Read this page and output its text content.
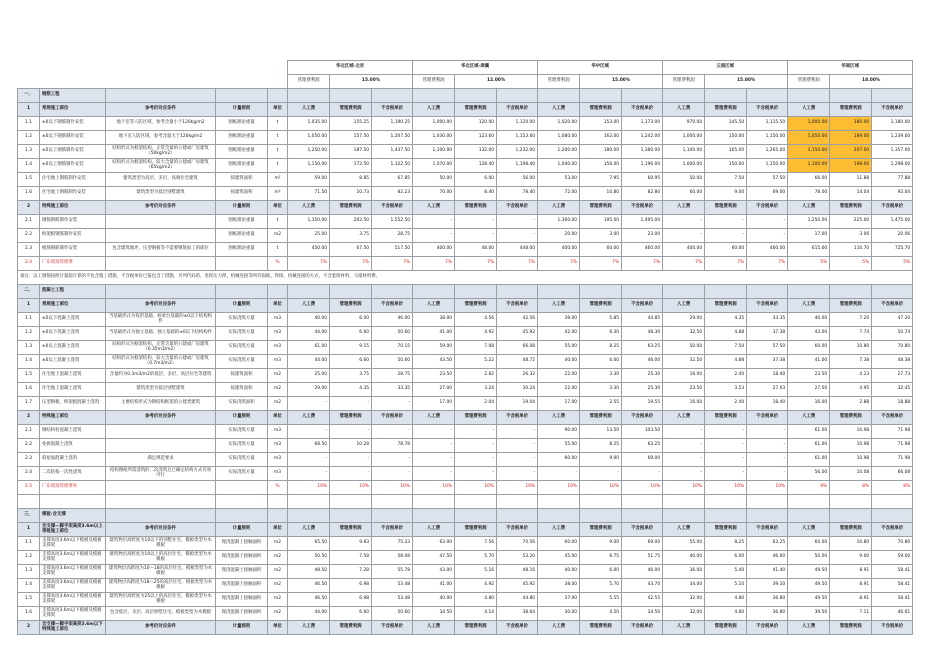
					华北区域-北京			华北区域-津冀			华中区域			云南区域			华南区域		
					管理费利润	15.00%		管理费利润	12.00%		管理费利润	15.00%		管理费利润	15.00%		管理费利润	18.00%	
一、	钢筋工程																		
1	常规施工部位	参考价对应条件	计量规则	单位	人工费	管理费利润	不含税单价	人工费	管理费利润	不含税单价	人工费	管理费利润	不含税单价	人工费	管理费利润	不含税单价	人工费	管理费利润	不含税单价
1.1	±0以下钢筋制作安装	地下室等人防区域，参考含量小于120kg/m2	图纸理论重量	t	1,035.00	155.25	1,190.25	1,000.00	120.00	1,120.00	1,020.00	153.00	1,173.00	970.00	145.50	1,115.50	1,000.00	180.00	1,180.00
1.2	±0以下钢筋制作安装	地下室人防区域，参考含量大于120kg/m2	图纸理论重量	t	1,050.00	157.50	1,207.50	1,030.00	123.60	1,153.60	1,080.00	162.00	1,242.00	1,000.00	150.00	1,150.00	1,050.00	189.00	1,239.00
1.3	±0以上钢筋制作安装	结构形式为框架结构，正常含量的公建或厂房建筑（50kg/m2）	图纸理论重量	t	1,250.00	187.50	1,437.50	1,100.00	132.00	1,232.00	1,200.00	180.00	1,380.00	1,100.00	165.00	1,265.00	1,150.00	207.00	1,357.00
1.4	±0以上钢筋制作安装	结构形式为框架结构，较大含量的公建或厂房建筑（65kg/m2）	图纸理论重量	t	1,150.00	172.50	1,322.50	1,070.00	128.40	1,198.40	1,040.00	156.00	1,196.00	1,000.00	150.00	1,150.00	1,100.00	198.00	1,298.00
1.5	住宅地上钢筋制作安装	建筑类型为高层、多层、高端住宅建筑	按建筑面积	m²	59.00	8.85	67.85	50.00	6.00	56.00	53.00	7.95	60.95	50.00	7.50	57.50	66.00	11.88	77.88
1.6	住宅地上钢筋制作安装	建筑类型为低层别墅建筑	按建筑面积	m²	71.50	10.73	82.23	70.00	8.40	78.40	72.00	10.80	82.80	60.00	9.00	69.00	78.00	14.04	92.04
2	特殊施工部位	参考价对应条件	计量规则	单位	人工费	管理费利润	不含税单价	人工费	管理费利润	不含税单价	人工费	管理费利润	不含税单价	人工费	管理费利润	不含税单价	人工费	管理费利润	不含税单价
2.1	钢筋钢筋制作安装		图纸理论重量	t	1,350.00	202.50	1,552.50	-	-	-	1,300.00	195.00	1,495.00	-	-	-	1,250.00	225.00	1,475.00
2.2	桁架板钢筋制作安装		图纸理论重量	m2	25.00	3.75	28.75	-	-	-	20.00	3.00	23.00	-	-	-	17.00	3.06	20.06
2.3	植筋钢筋制作安装	包含建筑地坪、压型钢板等不需要钢筋加工的部位	图纸理论重量	t	450.00	67.50	517.50	400.00	48.00	448.00	400.00	60.00	460.00	400.00	60.00	460.00	615.00	110.70	725.70
2.4	广东现场管理费			%	7%	7%	7%	7%	7%	7%	7%	7%	7%	7%	7%	7%	5%	5%	5%
备注：以上钢筋按照计量超计算的不包含施工措施，不含税单价已报包含了措施、另列代码的、电焊压力焊、机械连接等所有损耗。焊接、机械连接的方式，不含套筒材料，马镫材料费。																			
二、	混凝土工程																		
1	常规施工部位	参考价对应条件	计量规则	单位	人工费	管理费利润	不含税单价	人工费	管理费利润	不含税单价	人工费	管理费利润	不含税单价	人工费	管理费利润	不含税单价	人工费	管理费利润	不含税单价
1.1	±0以下混凝土浇筑	当基础形式为筏形基础，桩承台基础的±0以下结构构件	实际浇筑方量	m3	40.00	6.00	46.00	38.00	4.56	42.56	39.00	5.85	44.85	29.00	4.35	33.35	40.00	7.20	47.20
1.2	±0以下混凝土浇筑	当基础形式为独立基础、独立基础的±0以下结构构件	实际浇筑方量	m3	44.00	6.60	50.60	41.00	4.92	45.92	42.00	6.30	48.30	32.50	4.88	37.38	43.00	7.74	50.74
1.3	±0以上混凝土浇筑	结构形式为框架结构，正常含量的公建或厂房建筑（0.35m3/m2）	实际浇筑方量	m3	61.00	9.15	70.15	59.00	7.08	66.08	55.00	8.25	63.25	50.00	7.50	57.50	60.00	10.80	70.80
1.4	±0以上混凝土浇筑	结构形式为框架结构，较大含量的公建或厂房建筑（0.7m3/m2）	实际浇筑方量	m3	44.00	6.60	50.60	43.50	5.22	48.72	40.00	6.00	46.00	32.50	4.88	37.38	41.00	7.38	48.38
1.5	住宅地上混凝土浇筑	含量约为0.3m3/m2的低层、多层、高层住宅等建筑	按建筑面积	m2	25.00	3.75	28.75	23.50	2.82	26.32	22.00	3.30	25.30	16.00	2.40	18.40	23.50	4.23	27.73
1.6	住宅地上混凝土浇筑	建筑类型为低层别墅建筑	按建筑面积	m2	29.00	4.35	33.35	27.00	3.24	30.24	22.00	3.30	25.30	23.50	3.53	27.03	27.50	4.95	32.45
1.7	压型钢板、桁架板混凝土浇筑	主要结构形式为钢结构框架的公建类建筑	实际浇筑面积	m2	-	-	-	17.00	2.04	19.04	17.00	2.55	19.55	16.00	2.40	18.40	16.00	2.88	18.88
2	特殊施工部位	参考价对应条件	计量规则	单位	人工费	管理费利润	不含税单价	人工费	管理费利润	不含税单价	人工费	管理费利润	不含税单价	人工费	管理费利润	不含税单价	人工费	管理费利润	不含税单价
2.1	钢结构柱混凝土浇筑		实际浇筑方量	m3	-	-	-	-	-	-	90.00	13.50	103.50	-	-	-	61.00	10.98	71.98
2.2	免拆混凝土浇筑		实际浇筑方量	m3	68.50	10.28	78.78	-	-	-	55.00	8.25	63.25	-	-	-	61.00	10.98	71.98
2.3	斜屋面混凝土浇筑	满足规范要求	实际浇筑方量	m3	-	-	-	-	-	-	60.00	9.00	69.00	-	-	-	61.00	10.98	71.98
2.4	二次结构一次性浇筑	结构图纸所需浇筑的二次浇筑且已确定结构方式有效可行	实际浇筑方量	m3	-	-	-	-	-	-	-	-	-	-	-	-	56.00	10.08	66.08
2.5	广东现场管理费率			%	10%	10%	10%	10%	10%	10%	10%	10%	10%	10%	10%	10%	8%	8%	8%

三、	模板-含支撑																		
1	含支撑—脚手架高度3.6m以上等级施工部位	参考价对应条件	计量规则	单位	人工费	管理费利润	不含税单价	人工费	管理费利润	不含税单价	人工费	管理费利润	不含税单价	人工费	管理费利润	不含税单价	人工费	管理费利润	不含税单价
1.1	支撑高度3.6m以下模板及模板支撑架	建筑物层高跨度为10以下的别墅住宅、模板类型为木模板	现浇混凝土接触面积	m2	65.50	9.83	75.33	63.00	7.56	70.56	60.00	9.00	69.00	55.00	8.25	63.25	60.00	10.80	70.80
1.2	支撑高度3.6m以下模板及模板支撑架	建筑物层高跨度为10以上的高层住宅、模板类型为木模板	现浇混凝土接触面积	m2	50.50	7.58	58.08	47.50	5.70	53.20	45.00	6.75	51.75	40.00	6.00	46.00	50.00	9.00	59.00
1.3	支撑高度3.6m以下模板及模板支撑架	建筑物层高跨度为10～18的高层住宅、模板类型为木模板	现浇混凝土接触面积	m2	48.50	7.28	55.78	43.00	5.16	48.16	40.00	6.00	46.00	36.00	5.40	41.40	49.50	8.91	58.41
1.4	支撑高度3.6m以下模板及模板支撑架	建筑物层高跨度为18～25的高层住宅、模板类型为木模板	现浇混凝土接触面积	m2	46.50	6.98	53.48	41.00	4.92	45.92	38.00	5.70	43.70	34.00	5.10	39.10	49.50	8.91	58.41
1.5	支撑高度3.6m以下模板及模板支撑架	建筑物层高跨度为25以上的高层住宅、模板类型为木模板	现浇混凝土接触面积	m2	46.50	6.98	53.48	40.00	4.80	44.80	37.00	5.55	42.55	32.00	4.80	36.80	49.50	8.91	58.41
1.6	支撑高度3.6m以下模板及模板支撑架	包含低层、多层、高层别墅住宅、模板类型为木模板	现浇混凝土接触面积	m2	44.00	6.60	50.60	34.50	4.14	38.64	30.00	4.50	34.50	32.00	4.80	36.80	39.50	7.11	46.61
2	含支撑—脚手架高度3.6m以下特殊施工部位	参考价对应条件	计量规则	单位	人工费	管理费利润	不含税单价	人工费	管理费利润	不含税单价	人工费	管理费利润	不含税单价	人工费	管理费利润	不含税单价	人工费	管理费利润	不含税单价
